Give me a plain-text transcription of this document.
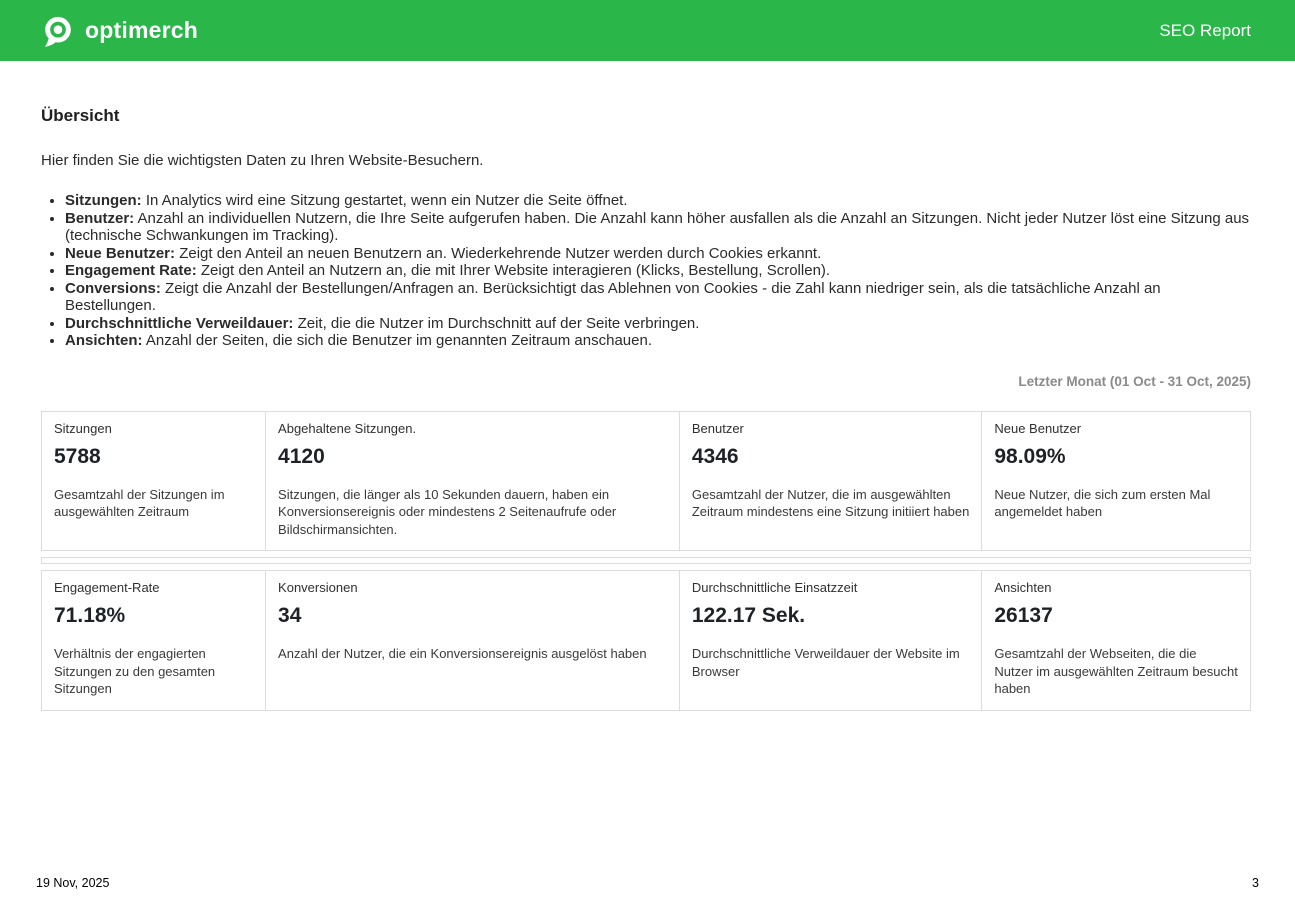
optimerch	SEO Report
Übersicht

Hier finden Sie die wichtigsten Daten zu Ihren Website-Besuchern.

• Sitzungen: In Analytics wird eine Sitzung gestartet, wenn ein Nutzer die Seite öffnet.
• Benutzer: Anzahl an individuellen Nutzern, die Ihre Seite aufgerufen haben. Die Anzahl kann höher ausfallen als die Anzahl an Sitzungen. Nicht jeder Nutzer löst eine Sitzung aus (technische Schwankungen im Tracking).
• Neue Benutzer: Zeigt den Anteil an neuen Benutzern an. Wiederkehrende Nutzer werden durch Cookies erkannt.
• Engagement Rate: Zeigt den Anteil an Nutzern an, die mit Ihrer Website interagieren (Klicks, Bestellung, Scrollen).
• Conversions: Zeigt die Anzahl der Bestellungen/Anfragen an. Berücksichtigt das Ablehnen von Cookies - die Zahl kann niedriger sein, als die tatsächliche Anzahl an Bestellungen.
• Durchschnittliche Verweildauer: Zeit, die die Nutzer im Durchschnitt auf der Seite verbringen.
• Ansichten: Anzahl der Seiten, die sich die Benutzer im genannten Zeitraum anschauen.
Letzter Monat (01 Oct - 31 Oct, 2025)
Sitzungen
5788
Gesamtzahl der Sitzungen im ausgewählten Zeitraum

Abgehaltene Sitzungen.
4120
Sitzungen, die länger als 10 Sekunden dauern, haben ein Konversionsereignis oder mindestens 2 Seitenaufrufe oder Bildschirmansichten.

Benutzer
4346
Gesamtzahl der Nutzer, die im ausgewählten Zeitraum mindestens eine Sitzung initiiert haben

Neue Benutzer
98.09%
Neue Nutzer, die sich zum ersten Mal angemeldet haben

Engagement-Rate
71.18%
Verhältnis der engagierten Sitzungen zu den gesamten Sitzungen

Konversionen
34
Anzahl der Nutzer, die ein Konversionsereignis ausgelöst haben

Durchschnittliche Einsatzzeit
122.17 Sek.
Durchschnittliche Verweildauer der Website im Browser

Ansichten
26137
Gesamtzahl der Webseiten, die die Nutzer im ausgewählten Zeitraum besucht haben
19 Nov, 2025	3
